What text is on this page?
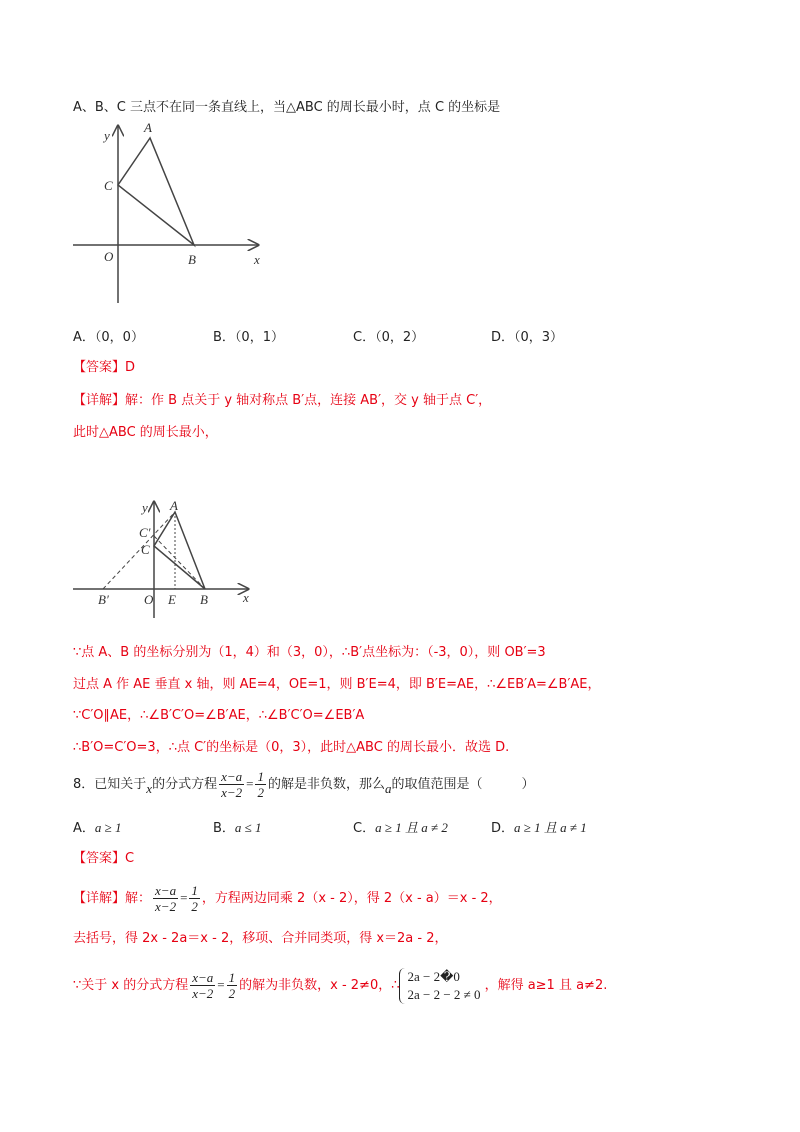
A、B、C 三点不在同一条直线上，当△ABC 的周长最小时，点 C 的坐标是
y
A
C
O	B	x
A．（0，0）	B．（0，1）	C．（0，2）	D．（0，3）
【答案】D
【详解】解：作 B 点关于 y 轴对称点 B′点，连接 AB′，交 y 轴于点 C′，
此时△ABC 的周长最小，
y A
C′
C
B′	O E B	x
∵点 A、B 的坐标分别为（1，4）和（3，0），∴B′点坐标为：（-3，0），则 OB′=3
过点 A 作 AE 垂直 x 轴，则 AE=4，OE=1，则 B′E=4，即 B′E=AE，∴∠EB′A=∠B′AE，
∵C′O∥AE，∴∠B′C′O=∠B′AE，∴∠B′C′O=∠EB′A
∴B′O=C′O=3，∴点 C′的坐标是（0，3），此时△ABC 的周长最小．故选 D.
8．已知关于x的分式方程 $\frac{x-a}{x-2} = \frac{1}{2}$ 的解是非负数，那么a的取值范围是（　　　）
A．a ≥ 1	B．a ≤ 1	C．a ≥ 1 且 a ≠ 2	D．a ≥ 1 且 a ≠ 1
【答案】C
【详解】解： $\frac{x-a}{x-2} = \frac{1}{2}$ ，方程两边同乘 2（x - 2），得 2（x - a）＝x - 2，
去括号，得 2x - 2a＝x - 2，移项、合并同类项，得 x＝2a - 2，
∵关于 x 的分式方程 $\frac{x-a}{x-2} = \frac{1}{2}$ 的解为非负数，x - 2≠0，∴
2a − 2�0
2a − 2 − 2 ≠ 0
，解得 a≥1 且 a≠2.
